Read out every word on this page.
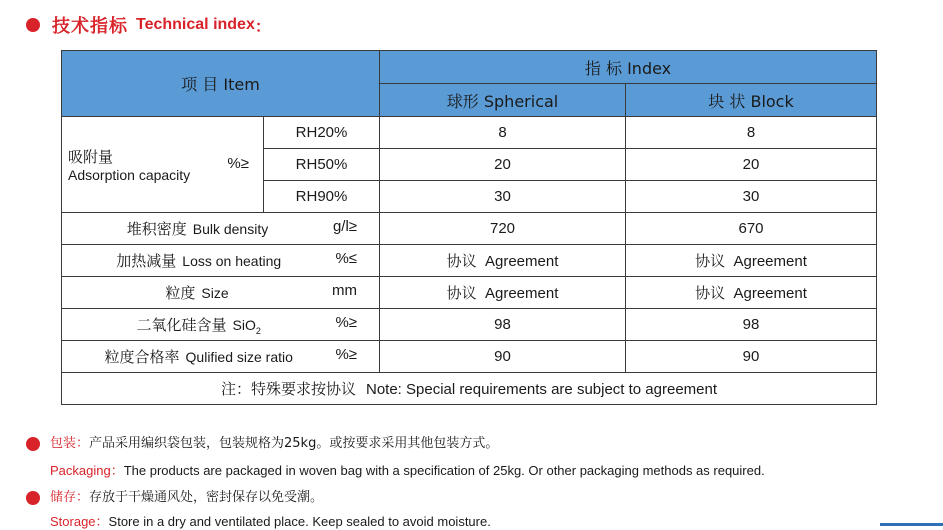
技术指标 Technical index ：
项 目 Item		指 标 Index	
		球形 Spherical	块 状 Block

吸附量
Adsorption capacity
%≥	RH20%	8	8
	RH50%	20	20
	RH90%	30	30
堆积密度 Bulk density g/l≥		720	670
加热减量 Loss on heating %≤		协议  Agreement	协议  Agreement
粒度 Size mm		协议  Agreement	协议  Agreement
二氧化硅含量 SiO$_2$ %≥		98	98
粒度合格率 Qulified size ratio %≥		90	90
注：特殊要求按协议 Note: Special requirements are subject to agreement			
包装：产品采用编织袋包装，包装规格为25kg。或按要求采用其他包装方式。
Packaging：The products are packaged in woven bag with a specification of 25kg. Or other packaging methods as required.
储存：存放于干燥通风处，密封保存以免受潮。
Storage：Store in a dry and ventilated place. Keep sealed to avoid moisture.
